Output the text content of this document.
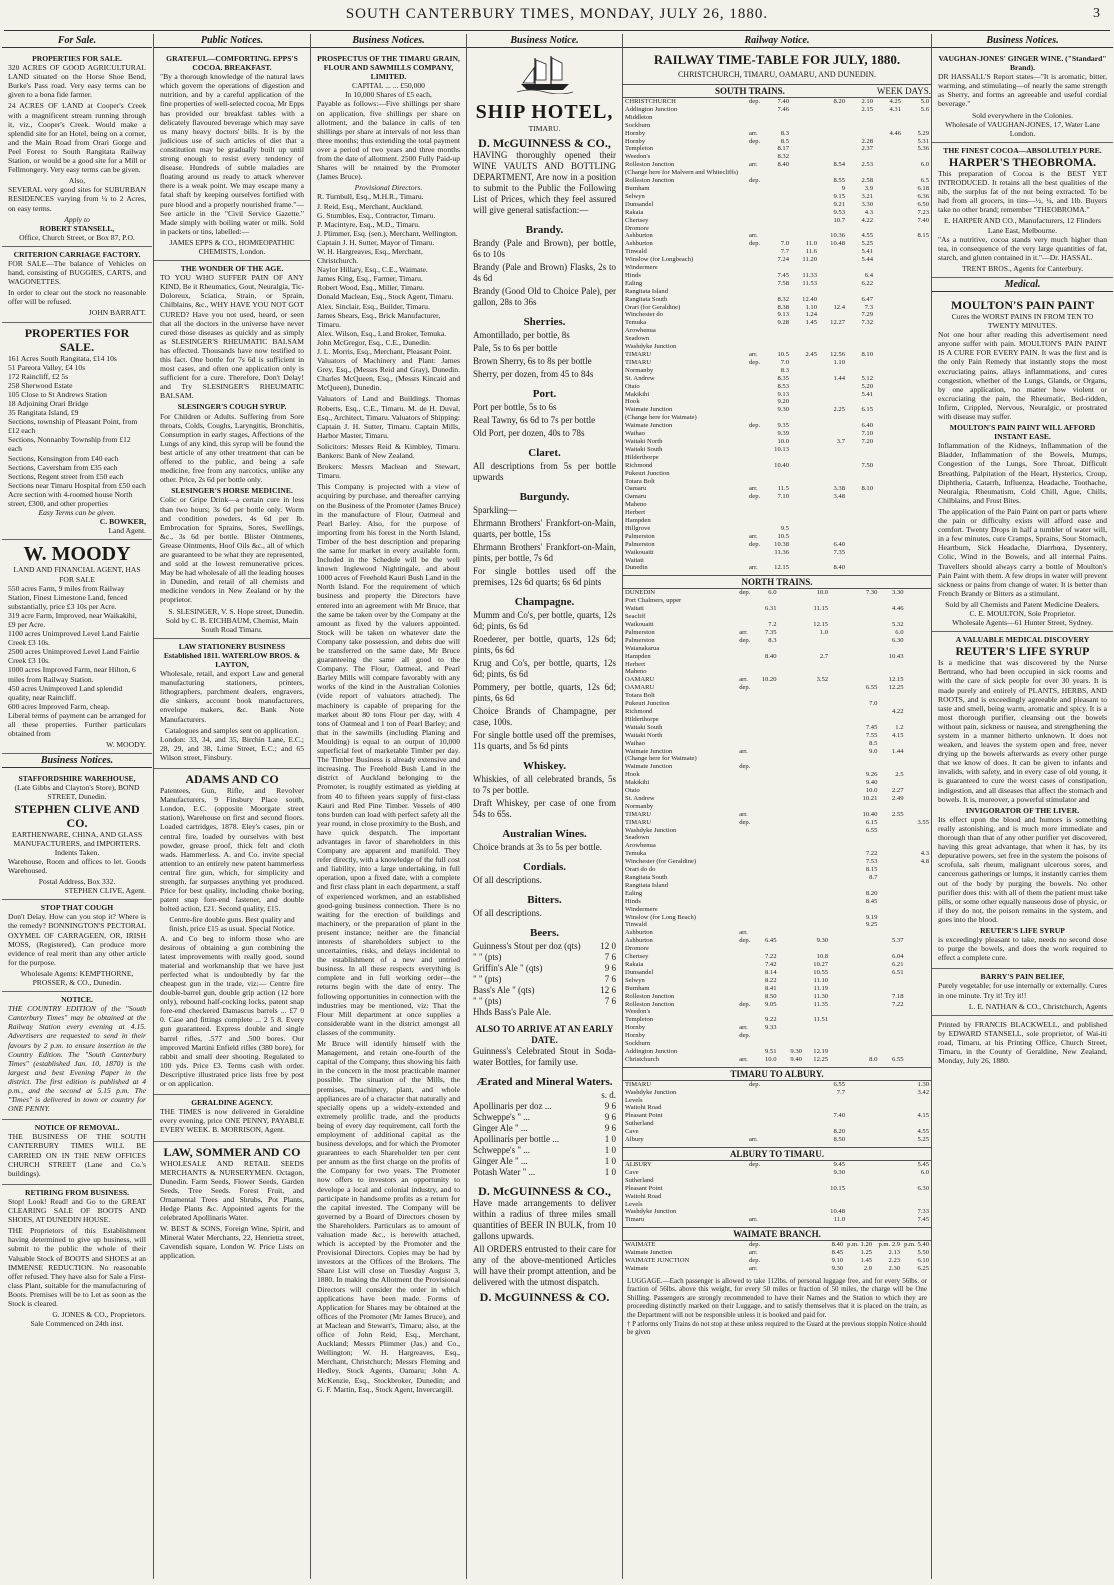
SOUTH CANTERBURY TIMES, MONDAY, JULY 26, 1880.	3
For Sale.
PROPERTIES FOR SALE.

320 ACRES OF GOOD AGRICULTURAL LAND situated on the Horse Shoe Bend, Burke's Pass road. Very easy terms can be given to a bona fide farmer.

24 ACRES OF LAND at Cooper's Creek with a magnificent stream running through it, viz., Cooper's Creek. Would make a splendid site for an Hotel, being on a corner, and the Main Road from Orari Gorge and Peel Forest to South Rangitata Railway Station, or would be a good site for a Mill or Fellmongery. Very easy terms can be given.

Also,

SEVERAL very good sites for SUBURBAN RESIDENCES varying from ¼ to 2 Acres, on easy terms.

Apply to
ROBERT STANSELL,
Office, Church Street, or Box 87, P.O.
CRITERION CARRIAGE FACTORY.

FOR SALE—The balance of Vehicles on hand, consisting of BUGGIES, CARTS, and WAGONETTES.

In order to clear out the stock no reasonable offer will be refused.

JOHN BARRATT.
PROPERTIES FOR SALE.
161 Acres South Rangitata, £14 10s
51 Pareora Valley, £4 10s
172 Raincliff, £2 5s
258 Sherwood Estate
105 Close to St Andrews Station
18 Adjoining Orari Bridge
35 Rangitata Island, £9
Sections, township of Pleasant Point, from £12 each
Sections, Nonnanby Township from £12 each
Sections, Kensington from £40 each
Sections, Caversham from £35 each
Sections, Regent street from £50 each
Sections near Timaru Hospital from £50 each
Acre section with 4-roomed house North street, £300, and other properties
Easy Terms can be given.
C. BOWKER,
Land Agent.
W. MOODY
LAND AND FINANCIAL AGENT, HAS FOR SALE
550 acres Farm, 9 miles from Railway Station, Finest Limestone Land, fenced substantially, price £3 10s per Acre.
319 acre Farm, Improved, near Waikakihi, £9 per Acre.
1100 acres Unimproved Level Land Fairlie Creek £3 10s.
2500 acres Unimproved Level Land Fairlie Creek £3 10s.
1000 acres Improved Farm, near Hilton, 6 miles from Railway Station.
450 acres Unimproved Land splendid quality, near Raincliff.
600 acres Improved Farm, cheap.

Liberal terms of payment can be arranged for all these properties. Further particulars obtained from

W. MOODY.
Business Notices.
STAFFORDSHIRE WAREHOUSE,
(Late Gibbs and Clayton's Store), BOND STREET, Dunedin.
STEPHEN CLIVE AND CO.
EARTHENWARE, CHINA, AND GLASS MANUFACTURERS, and IMPORTERS.
Indents Taken.

Warehouse, Room and offices to let. Goods Warehoused.

Postal Address, Box 332.
STEPHEN CLIVE, Agent.
STOP THAT COUGH

Don't Delay. How can you stop it? Where is the remedy? BONNINGTON'S PECTORAL OXYMEL OF CARRAGEEN, OR, IRISH MOSS, (Registered), Can produce more evidence of real merit than any other article for the purpose.

Wholesale Agents: KEMPTHORNE, PROSSER, & CO., Dunedin.
NOTICE.

THE COUNTRY EDITION of the "South Canterbury Times" may be obtained at the Railway Station every evening at 4.15. Advertisers are requested to send in their favours by 2 p.m. to ensure insertion in the Country Edition. The "South Canterbury Times" (established Jan. 10, 1870) is the largest and best Evening Paper in the district. The first edition is published at 4 p.m., and the second at 5.15 p.m. The "Times" is delivered in town or country for ONE PENNY.

NOTICE OF REMOVAL.

THE BUSINESS OF THE SOUTH CANTERBURY TIMES WILL BE CARRIED ON IN THE NEW OFFICES CHURCH STREET (Lane and Co.'s buildings).

RETIRING FROM BUSINESS.

Stop! Look! Read! and Go to the GREAT CLEARING SALE OF BOOTS AND SHOES, AT DUNEDIN HOUSE.

THE Proprietors of this Establishment having determined to give up business, will submit to the public the whole of their Valuable Stock of BOOTS and SHOES at an IMMENSE REDUCTION. No reasonable offer refused. They have also for Sale a First-class Plant, suitable for the manufacturing of Boots. Premises will be to Let as soon as the Stock is cleared.

G. JONES & CO., Proprietors.
Sale Commenced on 24th inst.
Public Notices.
GRATEFUL—COMFORTING. EPPS'S COCOA. BREAKFAST.

"By a thorough knowledge of the natural laws which govern the operations of digestion and nutrition, and by a careful application of the fine properties of well-selected cocoa, Mr Epps has provided our breakfast tables with a delicately flavoured beverage which may save us many heavy doctors' bills. It is by the judicious use of such articles of diet that a constitution may be gradually built up until strong enough to resist every tendency of disease. Hundreds of subtle maladies are floating around us ready to attack wherever there is a weak point. We may escape many a fatal shaft by keeping ourselves fortified with pure blood and a properly nourished frame."—See article in the "Civil Service Gazette." Made simply with boiling water or milk. Sold in packets or tins, labelled:—

JAMES EPPS & CO., HOMŒOPATHIC CHEMISTS, London.
THE WONDER OF THE AGE.

TO YOU WHO SUFFER PAIN OF ANY KIND, Be it Rheumatics, Gout, Neuralgia, Tic-Doloreux, Sciatica, Strain, or Sprain, Chilblains, &c., WHY HAVE YOU NOT GOT CURED? Have you not used, heard, or seen that all the doctors in the universe have never cured those diseases as quickly and as simply as SLESINGER'S RHEUMATIC BALSAM has effected. Thousands have now testified to this fact. One bottle for 7s 6d is sufficient in most cases, and often one application only is sufficient for a cure. Therefore, Don't Delay! and Try SLESINGER'S RHEUMATIC BALSAM.

SLESINGER'S COUGH SYRUP.

For Children or Adults. Suffering from Sore throats, Colds, Coughs, Laryngitis, Bronchitis, Consumption in early stages, Affections of the Lungs of any kind, this syrup will be found the best article of any other treatment that can be offered to the public, and being a safe medicine, free from any narcotics, unlike any other. Price, 2s 6d per bottle only.

SLESINGER'S HORSE MEDICINE.

Colic or Gripe Drink—a certain cure in less than two hours; 3s 6d per bottle only. Worm and condition powders, 4s 6d per lb. Embrocation for Sprains, Sores, Swellings, &c., 3s 6d per bottle. Blister Ointments, Grease Ointments, Hoof Oils &c., all of which are guaranteed to be what they are represented, and sold at the lowest remunerative prices. May be had wholesale of all the leading houses in Dunedin, and retail of all chemists and medicine vendors in New Zealand or by the proprietor.

S. SLESINGER, V. S. Hope street, Dunedin.
Sold by C. B. EICHBAUM, Chemist, Main South Road Timaru.
LAW STATIONERY BUSINESS Established 1811. WATERLOW BROS. & LAYTON,

Wholesale, retail, and export Law and general manufacturing stationers, printers, lithographers, parchment dealers, engravers, die sinkers, account book manufacturers, envelope makers, &c. Bank Note Manufacturers.

Catalogues and samples sent on application.

London: 33, 34, and 35, Birchin Lane, E.C.; 28, 29, and 38, Lime Street, E.C.; and 65 Wilson street, Finsbury.

ADAMS AND CO

Patentees, Gun, Rifle, and Revolver Manufacturers, 9 Finsbury Place south, London, E.C. (opposite Moorgate street station), Warehouse on first and second floors. Loaded cartridges, 1878. Eley's cases, pin or central fire, loaded by ourselves with best powder, grease proof, thick felt and cloth wads. Hammerless. A. and Co. invite special attention to an entirely new patent hammerless central fire gun, which, for simplicity and strength, far surpasses anything yet produced. Price for best quality, including choke boring, patent snap fore-end fastener, and double bolted action, £21. Second quality, £15.

Centre-fire double guns. Best quality and finish, price £15 as usual. Special Notice.

A. and Co beg to inform those who are desirous of obtaining a gun combining the latest improvements with really good, sound material and workmanship that we have just perfected what is undoubtedly by far the cheapest gun in the trade, viz:— Centre fire double-barrel gun, double grip action (12 bore only), rebound half-cocking locks, patent snap fore-end checkered Damascus barrels ... £7 0 0. Case and fittings complete ... 2 5 8. Every gun guaranteed. Express double and single barrel rifles, .577 and .500 bores. Our improved Martini Enfield rifles (380 bore), for rabbit and small deer shooting. Regulated to 100 yds. Price £3. Terms cash with order. Descriptive illustrated price lists free by post or on application.

GERALDINE AGENCY.

THE TIMES is now delivered in Geraldine every evening, price ONE PENNY, PAYABLE EVERY WEEK. B. MORRISON, Agent.

LAW, SOMMER AND CO

WHOLESALE AND RETAIL SEEDS MERCHANTS & NURSERYMEN. Octagon, Dunedin. Farm Seeds, Flower Seeds, Garden Seeds, Tree Seeds. Forest Fruit, and Ornamental Trees and Shrubs, Pot Plants, Hedge Plants &c. Appointed agents for the celebrated Apollinaris Water.

W. BEST & SONS, Foreign Wine, Spirit, and Mineral Water Merchants, 22, Henrietta street, Cavendish square, London W. Price Lists on application.

Business Notices.
PROSPECTUS OF THE TIMARU GRAIN, FLOUR AND SAWMILLS COMPANY, LIMITED.
CAPITAL ... ... £50,000
In 10,000 Shares of £5 each,

Payable as follows:—Five shillings per share on application, five shillings per share on allotment, and the balance in calls of ten shillings per share at intervals of not less than three months; thus extending the total payment over a period of two years and three months from the date of allotment. 2500 Fully Paid-up Shares will be retained by the Promoter (James Bruce).

Provisional Directors.
R. Turnbull, Esq., M.H.R., Timaru.
J. Reid, Esq., Merchant, Auckland.
G. Stumbles, Esq., Contractor, Timaru.
P. Macintyre, Esq., M.D., Timaru.
J. Plimmer, Esq. (sen.), Merchant, Wellington.
Captain J. H. Sutter, Mayor of Timaru.
W. H. Hargreaves, Esq., Merchant, Christchurch.
Naylor Hillary, Esq., C.E., Waimate.
James King, Esq., Farmer, Timaru.
Robert Wood, Esq., Miller, Timaru.
Donald Maclean, Esq., Stock Agent, Timaru.
Alex. Sinclair, Esq., Builder, Timaru.
James Shears, Esq., Brick Manufacturer, Timaru.
Alex. Wilson, Esq., Land Broker, Temuka.
John McGregor, Esq., C.E., Dunedin.
J. L. Morris, Esq., Merchant, Pleasant Point.

Valuators of Machinery and Plant: James Grey, Esq., (Messrs Reid and Gray), Dunedin. Charles McQueen, Esq., (Messrs Kincaid and McQueen), Dunedin.

Valuators of Land and Buildings. Thomas Roberts, Esq., C.E., Timaru. M. de H. Duval, Esq., Architect, Timaru. Valuators of Shipping: Captain J. H. Sutter, Timaru. Captain Mills, Harbor Master, Timaru.

Solicitors: Messrs Reid & Kimbley, Timaru. Bankers: Bank of New Zealand.

Brokers: Messrs Maclean and Stewart, Timaru.

This Company is projected with a view of acquiring by purchase, and thereafter carrying on the Business of the Promoter (James Bruce) in the manufacture of Flour, Oatmeal and Pearl Barley. Also, for the purpose of importing from his forest in the North Island, Timber of the best description and preparing the same for market in every available form. Included in the Schedule will be the well known Inglewood Nightingale, and about 1000 acres of Freehold Kauri Bush Land in the North Island. For the requirement of which business and property the Directors have entered into an agreement with Mr Bruce, that the same be taken over by the Company at the amount as fixed by the valuers appointed. Stock will be taken on whatever date the Company take possession, and debts due will be transferred on the same date, Mr Bruce guaranteeing the same all good to the Company. The Flour, Oatmeal, and Pearl Barley Mills will compare favorably with any works of the kind in the Australian Colonies (vide report of valuators attached). The machinery is capable of preparing for the market about 80 tons Flour per day, with 4 tons of Oatmeal and 1 ton of Pearl Barley; and that in the sawmills (including Planing and Moulding) is equal to an output of 10,000 superficial feet of marketable Timber per day. The Timber Business is already extensive and increasing. The Freehold Bush Land in the district of Auckland belonging to the Promoter, is roughly estimated as yielding at from 40 to fifteen years supply of first-class Kauri and Red Pine Timber. Vessels of 400 tons burden can load with perfect safety all the year round, in close proximity to the Bush, and have quick despatch. The important advantages in favor of shareholders in this Company are apparent and manifold. They refer directly, with a knowledge of the full cost and liability, into a large undertaking, in full operation, upon a fixed date, with a complete and first class plant in each department, a staff of experienced workmen, and an established good-going business connection. There is no waiting for the erection of buildings and machinery, or the preparation of plant in the present instance; neither are the financial interests of shareholders subject to the uncertainties, risks, and delays incidental to the establishment of a new and untried business. In all these respects everything is complete and in full working order—the returns begin with the date of entry. The following opportunities in connection with the industries may be mentioned, viz: That the Flour Mill department at once supplies a considerable want in the district amongst all classes of the community.

Mr Bruce will identify himself with the Management, and retain one-fourth of the capital of the Company, thus showing his faith in the concern in the most practicable manner possible. The situation of the Mills, the premises, machinery, plant, and whole appliances are of a character that naturally and specially opens up a widely-extended and extremely prolific trade, and the products being of every day requirement, call forth the employment of additional capital as the business develops, and for which the Promoter guarantees to each Shareholder ten per cent per annum as the first charge on the profits of the Company for two years. The Promoter now offers to investors an opportunity to develope a local and colonial industry, and to participate in handsome profits as a return for the capital invested. The Company will be governed by a Board of Directors chosen by the Shareholders. Particulars as to amount of valuation made &c., is herewith attached, which is accepted by the Promoter and the Provisional Directors. Copies may be had by investors at the Offices of the Brokers. The Share List will close on Tuesday August 3, 1880. In making the Allotment the Provisional Directors will consider the order in which applications have been made. Forms of Application for Shares may be obtained at the offices of the Promoter (Mr James Bruce), and at Maclean and Stewart's, Timaru; also, at the office of John Reid, Esq., Merchant, Auckland; Messrs Plimmer (Jas.) and Co., Wellington; W. H. Hargreaves, Esq., Merchant, Christchurch; Messrs Fleming and Hedley, Stock Agents, Oamaru; John A. McKenzie, Esq., Stockbroker, Dunedin; and G. F. Martin, Esq., Stock Agent, Invercargill.

Business Notice.
SHIP HOTEL,
TIMARU.
D. McGUINNESS & CO.,

HAVING thoroughly opened their WINE VAULTS AND BOTTLING DEPARTMENT, Are now in a position to submit to the Public the Following List of Prices, which they feel assured will give general satisfaction:—

Brandy.

Brandy (Pale and Brown), per bottle, 6s to 10s

Brandy (Pale and Brown) Flasks, 2s to 4s 6d

Brandy (Good Old to Choice Pale), per gallon, 28s to 36s

Sherries.

Amontillado, per bottle, 8s

Pale, 5s to 6s per bottle

Brown Sherry, 6s to 8s per bottle

Sherry, per dozen, from 45 to 84s

Port.

Port per bottle, 5s to 6s

Real Tawny, 6s 6d to 7s per bottle

Old Port, per dozen, 40s to 78s

Claret.

All descriptions from 5s per bottle upwards

Burgundy.

Sparkling—

Ehrmann Brothers' Frankfort-on-Main, quarts, per bottle, 15s

Ehrmann Brothers' Frankfort-on-Main, pints, per bottle, 7s 6d

For single bottles used off the premises, 12s 6d quarts; 6s 6d pints

Champagne.

Mumm and Co's, per bottle, quarts, 12s 6d; pints, 6s 6d

Roederer, per bottle, quarts, 12s 6d; pints, 6s 6d

Krug and Co's, per bottle, quarts, 12s 6d; pints, 6s 6d

Pommery, per bottle, quarts, 12s 6d; pints, 6s 6d

Choice Brands of Champagne, per case, 100s.

For single bottle used off the premises, 11s quarts, and 5s 6d pints

Whiskey.

Whiskies, of all celebrated brands, 5s to 7s per bottle.

Draft Whiskey, per case of one from 54s to 65s.

Australian Wines.

Choice brands at 3s to 5s per bottle.

Cordials.

Of all descriptions.

Bitters.

Of all descriptions.

Beers.
Guinness's Stout per doz (qts) 12 0
" " (pts)	7 6
Griffin's Ale " (qts)	9 6
" " (pts)	7 6
Bass's Ale " (qts)	12 6
" " (pts)	7 6
Hhds Bass's Pale Ale.
ALSO TO ARRIVE AT AN EARLY DATE.

Guinness's Celebrated Stout in Soda-water Bottles, for family use.

Ærated and Mineral Waters.
s. d.
Apollinaris per doz ...	9 6
Schweppe's " ...	9 6
Ginger Ale " ...	9 6
Apollinaris per bottle ...	1 0
Schweppe's " ...	1 0
Ginger Ale " ...	1 0
Potash Water " ...	1 0
D. McGUINNESS & CO.,

Have made arrangements to deliver within a radius of three miles small quantities of BEER IN BULK, from 10 gallons upwards.

All ORDERS entrusted to their care for any of the above-mentioned Articles will have their prompt attention, and be delivered with the utmost dispatch.

D. McGUINNESS & CO.
Railway Notice.
RAILWAY TIME-TABLE FOR JULY, 1880.
CHRISTCHURCH, TIMARU, OAMARU, AND DUNEDIN.
SOUTH TRAINS.	WEEK DAYS.
CHRISTCHURCH	dep.	7.40		8.20	2.10	4.25	5.0
Addington Junction		7.46			2.15	4.31	5.6
Middleton							
Sockburn							
Hornby	arr.	8.3				4.46	5.29
Hornby	dep.	8.5			2.28		5.31
Templeton		8.17			2.37		5.36
Weedon's		8.32					
Rolleston Junction	arr.	8.40		8.54	2.53		6.0
(Change here for Malvern and Whitecliffs)							
Rolleston Junction	dep.			8.55	2.58		6.5
Burnham				9	3.9		6.18
Selwyn				9.15	3.21		6.36
Dunsandel				9.21	3.30		6.50
Rakaia				9.53	4.3		7.23
Chertsey				10.7	4.22		7.40
Dromore							
Ashburton	arr.			10.36	4.55		8.15
Ashburton	dep.	7.0	11.0	10.48	5.25		
Tinwald		7.7	11.6		5.41		
Winslow (for Longbeach)		7.24	11.20		5.44		
Windermere							
Hinds		7.45	11.33		6.4		
Ealing		7.58	11.53		6.22		
Rangitata Island							
Rangitata South		8.32	12.40		6.47		
Orari (for Geraldine)		8.38	1.10	12.4	7.3		
Winchester do		9.13	1.24		7.29		
Temuka		9.28	1.45	12.27	7.32		
Arowhenua							
Seadown							
Washdyke Junction							
TIMARU	arr.	10.5	2.45	12.56	8.10		
TIMARU	dep.	7.0		1.10			
Normanby		8.3					
St. Andrew		8.35		1.44	5.12		
Otaio		8.53			5.20		
Makikihi		9.13			5.41		
Hook		9.20					
Waimate Junction		9.30		2.25	6.15		
(Change here for Waimate)							
Waimate Junction	dep.	9.35			6.40		
Waihao		9.39			7.10		
Waitaki North		10.0		3.7	7.20		
Waitaki South		10.13					
Hilderthorpe							
Richmond		10.40			7.50		
Pukeuri Junction							
Totara Bolt							
Oamaru	arr.	11.5		3.38	8.10		
Oamaru	dep.	7.10		3.48			
Maheno							
Herbert							
Hampden							
Hillgrove		9.5					
Palmerston	arr.	10.5					
Palmerston	dep.	10.38		6.40			
Waikouaiti		11.36		7.35			
Waitati							
Dunedin	arr.	12.15		8.40			
NORTH TRAINS.
DUNEDIN	dep.	6.0		10.0		7.30	3.30	
Port Chalmers, upper								
Waitati		6.31		11.15			4.46	
Seacliff								
Waikouaiti		7.2		12.15			5.32	
Palmerston	arr.	7.35		1.0			6.0	
Palmerston	dep.	8.3					6.30	
Waianakarua								
Hampden		8.40		2.7			10.43	
Herbert								
Maheno								
OAMARU	arr.	10.20		3.52			12.15	
OAMARU	dep.					6.55	12.25	
Totara Bolt								
Pukeuri Junction						7.0		
Richmond							4.22	
Hilderthorpe								
Waitaki South						7.45	1.2	
Waitaki North						7.55	4.15	
Waihao						8.5		
Waimate Junction	arr.					9.0	1.44	
(Change here for Waimate)								
Waimate Junction	dep.							
Hook						9.26	2.5	
Makikihi						9.40		
Otaio						10.0	2.27	
St. Andrew						10.21	2.49	
Normanby								
TIMARU	arr.					10.40	2.55	
TIMARU	dep.					6.15		3.55
Washdyke Junction						6.55		
Seadown								
Arowhenua								
Temuka						7.22		4.3
Winchester (for Geraldine)						7.53		4.8
Orari do do						8.15		
Rangitata South						8.7		
Rangitata Island								
Ealing						8.20		
Hinds						8.45		
Windermere								
Winslow (for Long Beach)						9.19		
Tinwald						9.25		
Ashburton	arr.							
Ashburton	dep.	6.45		9.30			5.37	
Dromore								
Chertsey		7.22		10.8			6.04	
Rakaia		7.42		10.27			6.21	
Dunsandel		8.14		10.55			6.51	
Selwyn		8.22		11.10				
Burnham		8.41		11.19				
Rolleston Junction		8.50		11.30			7.18	
Rolleston Junction	dep.	9.05		11.35			7.22	
Weedon's								
Templeton		9.22		11.51				
Hornby	arr.	9.33						
Hornby	dep.							
Sockburn								
Addington Junction		9.51	9.30	12.19				
Christchurch	arr.	10.0	9.40	12.25		8.0	6.55	
TIMARU TO ALBURY.
TIMARU	dep.	6.55			1.30
Washdyke Junction		7.7			3.42
Levels					
Waitohi Road					
Pleasant Point		7.40			4.15
Sutherland					
Cave		8.20			4.55
Albury	arr.	8.50			5.25
ALBURY TO TIMARU.
ALBURY	dep.	9.45			5.45
Cave		9.30			6.0
Sutherland					
Pleasant Point		10.15			6.30
Waitohi Road					
Levels					
Washdyke Junction		10.48			7.33
Timaru	arr.	11.0			7.45
WAIMATE BRANCH.
WAIMATE	dep.	8.40	p.m. 1.20	p.m. 2.9	p.m. 5.40
Waimate Junction	arr.	8.45	1.25	2.13	5.50
WAIMATE JUNCTION	dep.	9.10	1.45	2.23	6.10
Waimate	arr.	9.30	2.0	2.30	6.25

LUGGAGE.—Each passenger is allowed to take 112lbs. of personal luggage free, and for every 56lbs. or fraction of 56lbs. above this weight, for every 50 miles or fraction of 50 miles, the charge will be One Shilling. Passengers are strongly recommended to have their Names and the Station to which they are proceeding distinctly marked on their Luggage, and to satisfy themselves that it is placed on the train, as the Department will not be responsible unless it is booked and paid for.

† P atforms only Trains do not stop at these unless required to the Guard at the previous stoppin Notice should be given

Business Notices.
VAUGHAN-JONES' GINGER WINE. ("Standard" Brand).

DR HASSALL'S Report states—"It is aromatic, bitter, warming, and stimulating—of nearly the same strength as Sherry, and forms an agreeable and useful cordial beverage."

Sold everywhere in the Colonies.
Wholesale of VAUGHAN-JONES, 17, Water Lane London.
THE FINEST COCOA—ABSOLUTELY PURE.
HARPER'S THEOBROMA.

This preparation of Cocoa is the BEST YET INTRODUCED. It retains all the best qualities of the nib, the surplus fat of the nut being extracted. To be had from all grocers, in tins—½, ¼, and 1lb. Buyers take no other brand; remember "THEOBROMA."

E. HARPER AND CO., Manufacturers, 12 Flinders Lane East, Melbourne.

"As a nutritive, cocoa stands very much higher than tea, in consequence of the very large quantities of fat, starch, and gluten contained in it."—Dr. HASSAL.

TRENT BROS., Agents for Canterbury.
Medical.
MOULTON'S PAIN PAINT
Cures the WORST PAINS IN FROM TEN TO TWENTY MINUTES.

Not one hour after reading this advertisement need anyone suffer with pain. MOULTON'S PAIN PAINT IS A CURE FOR EVERY PAIN. It was the first and is the only Pain Remedy that instantly stops the most excruciating pains, allays inflammations, and cures congestion, whether of the Lungs, Glands, or Organs, by one application, no matter how violent or excruciating the pain, the Rheumatic, Bed-ridden, Infirm, Crippled, Nervous, Neuralgic, or prostrated with disease may suffer.

MOULTON'S PAIN PAINT WILL AFFORD INSTANT EASE.

Inflammation of the Kidneys, Inflammation of the Bladder, Inflammation of the Bowels, Mumps, Congestion of the Lungs, Sore Throat, Difficult Breathing, Palpitation of the Heart, Hysterics, Croup, Diphtheria, Catarrh, Influenza, Headache, Toothache, Neuralgia, Rheumatism, Cold Chill, Ague, Chills, Chilblains, and Frost Bites.

The application of the Pain Paint on part or parts where the pain or difficulty exists will afford ease and comfort. Twenty Drops in half a tumbler of water will, in a few minutes, cure Cramps, Sprains, Sour Stomach, Heartburn, Sick Headache, Diarrhœa, Dysentery, Colic, Wind in the Bowels, and all internal Pains. Travellers should always carry a bottle of Moulton's Pain Paint with them. A few drops in water will prevent sickness or pains from change of water. It is better than French Brandy or Bitters as a stimulant.

Sold by all Chemists and Patent Medicine Dealers.
C. E. MOULTON, Sole Proprietor.
Wholesale Agents—61 Hunter Street, Sydney.
A VALUABLE MEDICAL DISCOVERY
REUTER'S LIFE SYRUP

Is a medicine that was discovered by the Nurse Bertrand, who had been occupied in sick rooms and with the care of sick people for over 30 years. It is made purely and entirely of PLANTS, HERBS, AND ROOTS, and is exceedingly agreeable and pleasant to taste and smell, being warm, aromatic and spicy. It is a most thorough purifier, cleansing out the bowels without pain, sickness or nausea, and strengthening the system in a manner hitherto unknown. It does not weaken, and leaves the system open and free, never drying up the bowels afterwards as every other purge that we know of does. It can be given to infants and invalids, with safety, and in every case of old young, it is guaranteed to cure the worst cases of constipation, indigestion, and all diseases that affect the stomach and bowels. It is, moreover, a powerful stimulator and

INVIGORATOR OF THE LIVER.

Its effect upon the blood and humors is something really astonishing, and is much more immediate and thorough than that of any other purifier yet discovered, having this great advantage, that when it has, by its depurative powers, set free in the system the poisons of scrofula, salt rheum, malignant ulcerous sores, and cancerous gatherings or lumps, it instantly carries them out of the body by purging the bowels. No other purifier does this: with all of them the patient must take pills, or some other equally nauseous dose of physic, or if they do not, the poison remains in the system, and goes into the blood.

REUTER'S LIFE SYRUP

is exceedingly pleasant to take, needs no second dose to purge the bowels, and does the work required to effect a complete cure.

BARRY'S PAIN BELIEF,

Purely vegetable; for use internally or externally. Cures in one minute. Try it! Try it!!

L. E. NATHAN & CO., Christchurch, Agents

Printed by FRANCIS BLACKWELL, and published by EDWARD STANSELL, sole proprietor, of Wai-iti road, Timaru, at his Printing Office, Church Street, Timaru, in the County of Geraldine, New Zealand, Monday, July 26, 1880.
